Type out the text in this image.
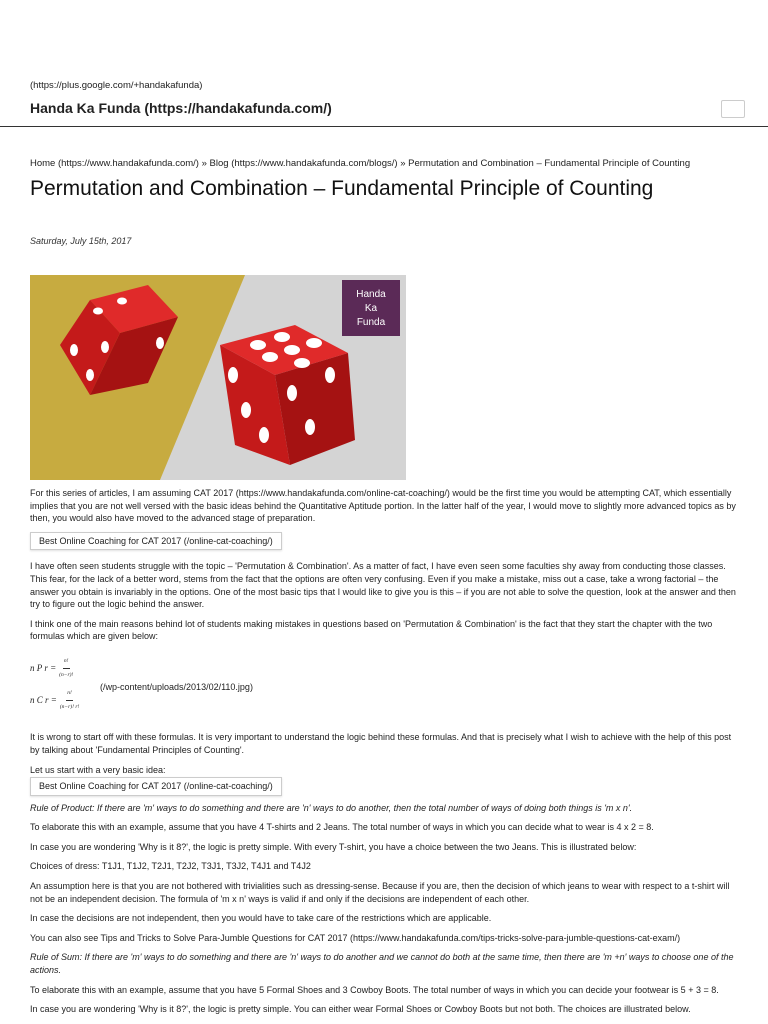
(https://plus.google.com/+handakafunda)
Handa Ka Funda (https://handakafunda.com/)
Home (https://www.handakafunda.com/) » Blog (https://www.handakafunda.com/blogs/) » Permutation and Combination – Fundamental Principle of Counting
Permutation and Combination – Fundamental Principle of Counting
Saturday, July 15th, 2017
Handa
Ka
Funda

For this series of articles, I am assuming CAT 2017 (https://www.handakafunda.com/online-cat-coaching/) would be the first time you would be attempting CAT, which essentially implies that you are not well versed with the basic ideas behind the Quantitative Aptitude portion. In the latter half of the year, I would move to slightly more advanced topics as by then, you would also have moved to the advanced stage of preparation.

Best Online Coaching for CAT 2017 (/online-cat-coaching/)

I have often seen students struggle with the topic – 'Permutation & Combination'. As a matter of fact, I have even seen some faculties shy away from conducting those classes. This fear, for the lack of a better word, stems from the fact that the options are often very confusing. Even if you make a mistake, miss out a case, take a wrong factorial – the answer you obtain is invariably in the options. One of the most basic tips that I would like to give you is this – if you are not able to solve the question, look at the answer and then try to figure out the logic behind the answer.

I think one of the main reasons behind lot of students making mistakes in questions based on 'Permutation & Combination' is the fact that they start the chapter with the two formulas which are given below:

n P $r = \frac{n!}{(n-r)!}$
n C $r = \frac{n!}{(n-r)! r!}$
(/wp-content/uploads/2013/02/110.jpg)

It is wrong to start off with these formulas. It is very important to understand the logic behind these formulas. And that is precisely what I wish to achieve with the help of this post by talking about 'Fundamental Principles of Counting'.

Let us start with a very basic idea:

Best Online Coaching for CAT 2017 (/online-cat-coaching/)

Rule of Product: If there are 'm' ways to do something and there are 'n' ways to do another, then the total number of ways of doing both things is 'm x n'.

To elaborate this with an example, assume that you have 4 T-shirts and 2 Jeans. The total number of ways in which you can decide what to wear is 4 x 2 = 8.

In case you are wondering 'Why is it 8?', the logic is pretty simple. With every T-shirt, you have a choice between the two Jeans. This is illustrated below:

Choices of dress: T1J1, T1J2, T2J1, T2J2, T3J1, T3J2, T4J1 and T4J2

An assumption here is that you are not bothered with trivialities such as dressing-sense. Because if you are, then the decision of which jeans to wear with respect to a t-shirt will not be an independent decision. The formula of 'm x n' ways is valid if and only if the decisions are independent of each other.

In case the decisions are not independent, then you would have to take care of the restrictions which are applicable.

You can also see Tips and Tricks to Solve Para-Jumble Questions for CAT 2017 (https://www.handakafunda.com/tips-tricks-solve-para-jumble-questions-cat-exam/)

Rule of Sum: If there are 'm' ways to do something and there are 'n' ways to do another and we cannot do both at the same time, then there are 'm +n' ways to choose one of the actions.

To elaborate this with an example, assume that you have 5 Formal Shoes and 3 Cowboy Boots. The total number of ways in which you can decide your footwear is 5 + 3 = 8.

In case you are wondering 'Why is it 8?', the logic is pretty simple. You can either wear Formal Shoes or Cowboy Boots but not both. The choices are illustrated below.
